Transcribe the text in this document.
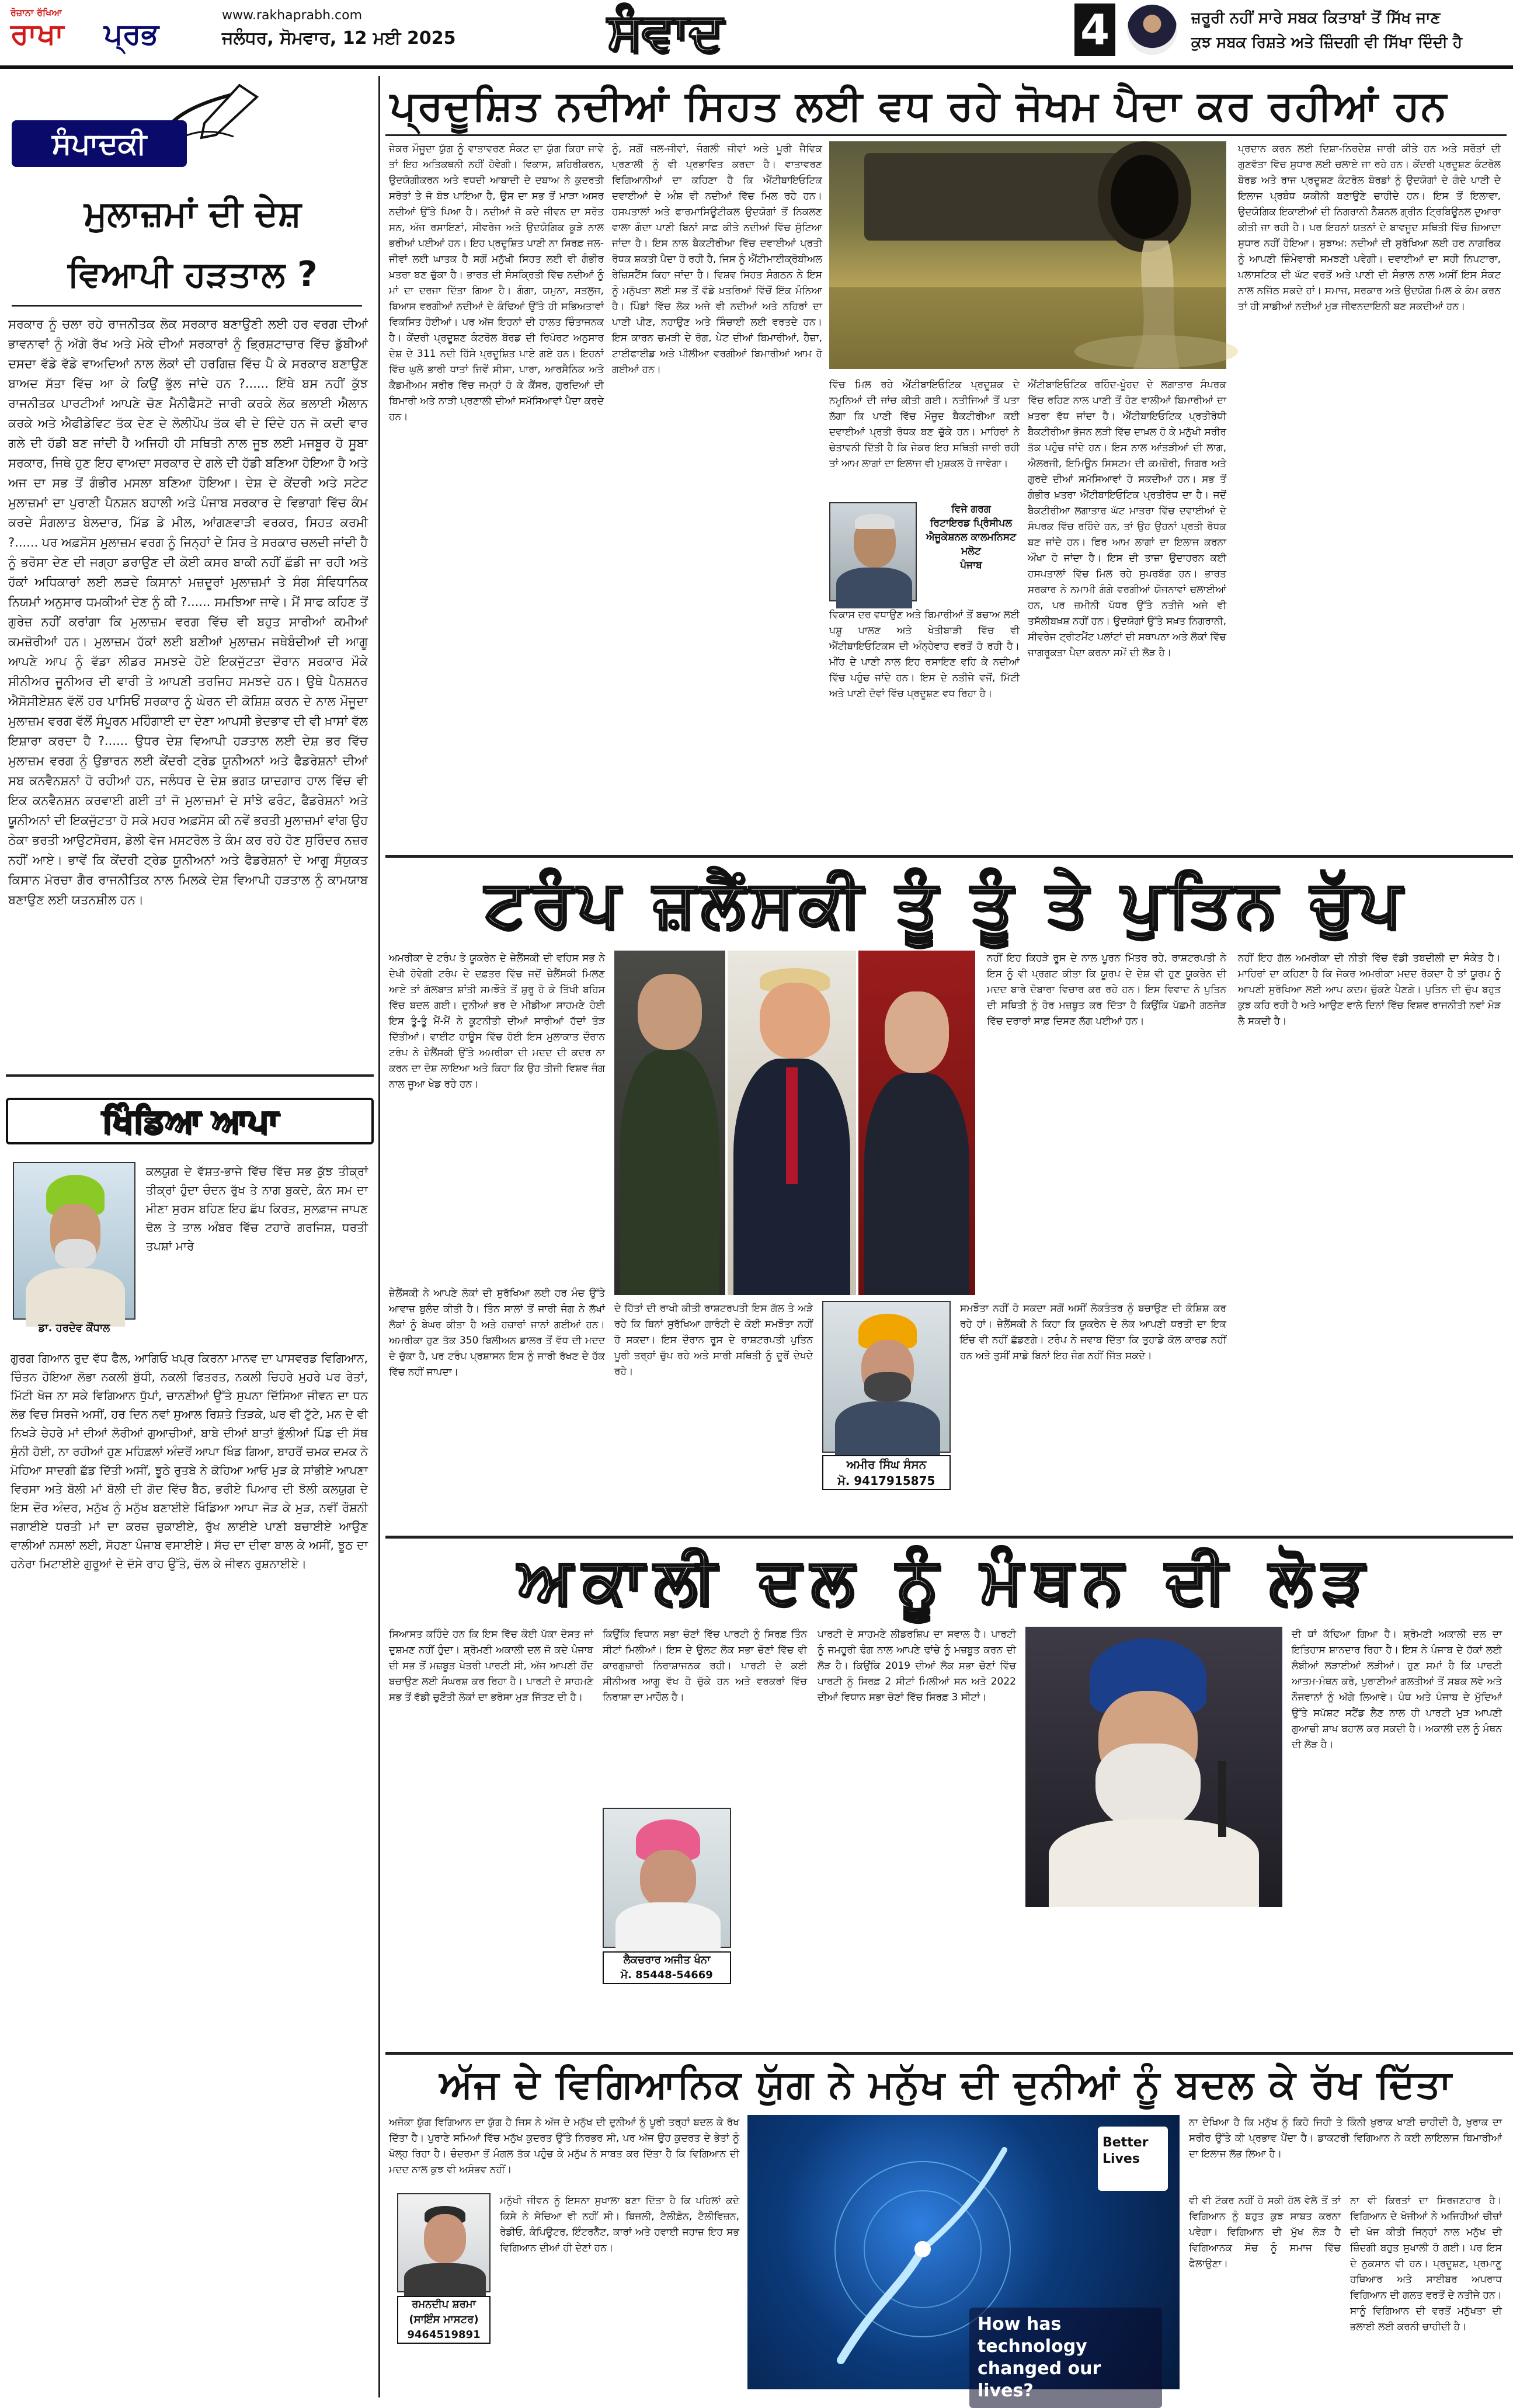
ਰੋਜ਼ਾਨਾ ਰੱਖਿਆ
ਰਾਖਾ ਪ੍ਰਭ
www.rakhaprabh.com
ਜਲੰਧਰ, ਸੋਮਵਾਰ, 12 ਮਈ 2025	ਸੰਵਾਦ	4	ਜ਼ਰੂਰੀ ਨਹੀਂ ਸਾਰੇ ਸਬਕ ਕਿਤਾਬਾਂ ਤੋਂ ਸਿੱਖ ਜਾਣ
ਕੁਝ ਸਬਕ ਰਿਸ਼ਤੇ ਅਤੇ ਜ਼ਿੰਦਗੀ ਵੀ ਸਿੱਖਾ ਦਿੰਦੀ ਹੈ
ਸੰਪਾਦਕੀ
ਮੁਲਾਜ਼ਮਾਂ ਦੀ ਦੇਸ਼
ਵਿਆਪੀ ਹੜਤਾਲ ?
ਸਰਕਾਰ ਨੂੰ ਚਲਾ ਰਹੇ ਰਾਜਨੀਤਕ ਲੋਕ ਸਰਕਾਰ ਬਣਾਉਣੀ ਲਈ ਹਰ ਵਰਗ ਦੀਆਂ ਭਾਵਨਾਵਾਂ ਨੂੰ ਅੱਗੇ ਰੱਖ ਅਤੇ ਮੋਕੇ ਦੀਆਂ ਸਰਕਾਰਾਂ ਨੂੰ ਭ੍ਰਿਸ਼ਟਾਚਾਰ ਵਿੱਚ ਡੁੱਬੀਆਂ ਦਸਦਾ ਵੱਡੇ ਵੱਡੇ ਵਾਅਦਿਆਂ ਨਾਲ ਲੋਕਾਂ ਦੀ ਹਰਗਿਜ਼ ਵਿੱਚ ਪੈ ਕੇ ਸਰਕਾਰ ਬਣਾਉਣ ਬਾਅਦ ਸੱਤਾ ਵਿੱਚ ਆ ਕੇ ਕਿਉਂ ਭੁੱਲ ਜਾਂਦੇ ਹਨ ?...... ਇੱਥੇ ਬਸ ਨਹੀਂ ਕੁੱਝ ਰਾਜਨੀਤਕ ਪਾਰਟੀਆਂ ਆਪਣੇ ਚੋਣ ਮੈਨੀਫੈਸਟੋ ਜਾਰੀ ਕਰਕੇ ਲੋਕ ਭਲਾਈ ਐਲਾਨ ਕਰਕੇ ਅਤੇ ਐਫੀਡੇਵਿਟ ਤੱਕ ਦੇਣ ਦੇ ਲੋਲੀਪੌਪ ਤੱਕ ਵੀ ਦੇ ਦਿੰਦੇ ਹਨ ਜੋ ਕਦੀ ਵਾਰ ਗਲੇ ਦੀ ਹੱਡੀ ਬਣ ਜਾਂਦੀ ਹੈ ਅਜਿਹੀ ਹੀ ਸਥਿਤੀ ਨਾਲ ਜੂਝ ਲਈ ਮਜਬੂਰ ਹੋ ਸੂਬਾ ਸਰਕਾਰ, ਜਿਥੇ ਹੁਣ ਇਹ ਵਾਅਦਾ ਸਰਕਾਰ ਦੇ ਗਲੇ ਦੀ ਹੱਡੀ ਬਣਿਆ ਹੋਇਆ ਹੈ ਅਤੇ ਅਜ ਦਾ ਸਭ ਤੋਂ ਗੰਭੀਰ ਮਸਲਾ ਬਣਿਆ ਹੋਇਆ। ਦੇਸ਼ ਦੇ ਕੇਂਦਰੀ ਅਤੇ ਸਟੇਟ ਮੁਲਾਜ਼ਮਾਂ ਦਾ ਪੁਰਾਣੀ ਪੈਨਸ਼ਨ ਬਹਾਲੀ ਅਤੇ ਪੰਜਾਬ ਸਰਕਾਰ ਦੇ ਵਿਭਾਗਾਂ ਵਿੱਚ ਕੰਮ ਕਰਦੇ ਸੰਗਲਾਤ ਬੇਲਦਾਰ, ਮਿੱਡ ਡੇ ਮੀਲ, ਆਂਗਣਵਾੜੀ ਵਰਕਰ, ਸਿਹਤ ਕਰਮੀ ?...... ਪਰ ਅਫ਼ਸੋਸ ਮੁਲਾਜ਼ਮ ਵਰਗ ਨੂੰ ਜਿਨ੍ਹਾਂ ਦੇ ਸਿਰ ਤੇ ਸਰਕਾਰ ਚਲਦੀ ਜਾਂਦੀ ਹੈ ਨੂੰ ਭਰੋਸਾ ਦੇਣ ਦੀ ਜਗ੍ਹਾ ਡਰਾਉਣ ਦੀ ਕੋਈ ਕਸਰ ਬਾਕੀ ਨਹੀਂ ਛੱਡੀ ਜਾ ਰਹੀ ਅਤੇ ਹੱਕਾਂ ਅਧਿਕਾਰਾਂ ਲਈ ਲੜਦੇ ਕਿਸਾਨਾਂ ਮਜ਼ਦੂਰਾਂ ਮੁਲਾਜ਼ਮਾਂ ਤੇ ਸੰਗ ਸੰਵਿਧਾਨਿਕ ਨਿਯਮਾਂ ਅਨੁਸਾਰ ਧਮਕੀਆਂ ਦੇਣ ਨੂੰ ਕੀ ?...... ਸਮਝਿਆ ਜਾਵੇ। ਮੈਂ ਸਾਫ ਕਹਿਣ ਤੋਂ ਗੁਰੇਜ਼ ਨਹੀਂ ਕਰਾਂਗਾ ਕਿ ਮੁਲਾਜ਼ਮ ਵਰਗ ਵਿੱਚ ਵੀ ਬਹੁਤ ਸਾਰੀਆਂ ਕਮੀਆਂ ਕਮਜ਼ੋਰੀਆਂ ਹਨ। ਮੁਲਾਜ਼ਮ ਹੱਕਾਂ ਲਈ ਬਣੀਆਂ ਮੁਲਾਜ਼ਮ ਜਥੇਬੰਦੀਆਂ ਦੀ ਆਗੂ ਆਪਣੇ ਆਪ ਨੂੰ ਵੱਡਾ ਲੀਡਰ ਸਮਝਦੇ ਹੋਏ ਇਕਜੁੱਟਤਾ ਦੌਰਾਨ ਸਰਕਾਰ ਮੌਕੇ ਸੀਨੀਅਰ ਜੂਨੀਅਰ ਦੀ ਵਾਰੀ ਤੇ ਆਪਣੀ ਤਰਜਿਹ ਸਮਝਦੇ ਹਨ। ਉਥੇ ਪੈਨਸ਼ਨਰ ਐਸੋਸੀਏਸ਼ਨ ਵੱਲੋਂ ਹਰ ਪਾਸਿਓਂ ਸਰਕਾਰ ਨੂੰ ਘੇਰਨ ਦੀ ਕੋਸ਼ਿਸ਼ ਕਰਨ ਦੇ ਨਾਲ ਮੌਜੂਦਾ ਮੁਲਾਜ਼ਮ ਵਰਗ ਵੱਲੋਂ ਸੰਪੂਰਨ ਮਹਿੰਗਾਈ ਦਾ ਦੇਣਾ ਆਪਸੀ ਭੇਦਭਾਵ ਦੀ ਵੀ ਖ਼ਾਸਾਂ ਵੱਲ ਇਸ਼ਾਰਾ ਕਰਦਾ ਹੈ ?...... ਉਧਰ ਦੇਸ਼ ਵਿਆਪੀ ਹੜਤਾਲ ਲਈ ਦੇਸ਼ ਭਰ ਵਿੱਚ ਮੁਲਾਜ਼ਮ ਵਰਗ ਨੂੰ ਉਭਾਰਨ ਲਈ ਕੇਂਦਰੀ ਟ੍ਰੇਡ ਯੂਨੀਅਨਾਂ ਅਤੇ ਫੈਡਰੇਸ਼ਨਾਂ ਦੀਆਂ ਸਬ ਕਨਵੈਨਸ਼ਨਾਂ ਹੋ ਰਹੀਆਂ ਹਨ, ਜਲੰਧਰ ਦੇ ਦੇਸ਼ ਭਗਤ ਯਾਦਗਾਰ ਹਾਲ ਵਿੱਚ ਵੀ ਇਕ ਕਨਵੈਨਸ਼ਨ ਕਰਵਾਈ ਗਈ ਤਾਂ ਜੋ ਮੁਲਾਜ਼ਮਾਂ ਦੇ ਸਾਂਝੇ ਫਰੰਟ, ਫੈਡਰੇਸ਼ਨਾਂ ਅਤੇ ਯੂਨੀਅਨਾਂ ਦੀ ਇਕਜੁੱਟਤਾ ਹੋ ਸਕੇ ਮਹਰ ਅਫ਼ਸੋਸ ਕੀ ਨਵੇਂ ਭਰਤੀ ਮੁਲਾਜ਼ਮਾਂ ਵਾਂਗ ਉਹ ਠੇਕਾ ਭਰਤੀ ਆਉਟਸੋਰਸ, ਡੇਲੀ ਵੇਜ ਮਸਟਰੋਲ ਤੇ ਕੰਮ ਕਰ ਰਹੇ ਹੋਣ ਸੁਰਿੰਦਰ ਨਜ਼ਰ ਨਹੀਂ ਆਏ। ਭਾਵੇਂ ਕਿ ਕੇਂਦਰੀ ਟ੍ਰੇਡ ਯੂਨੀਅਨਾਂ ਅਤੇ ਫੈਡਰੇਸ਼ਨਾਂ ਦੇ ਆਗੂ ਸੰਯੁਕਤ ਕਿਸਾਨ ਮੋਰਚਾ ਗੈਰ ਰਾਜਨੀਤਿਕ ਨਾਲ ਮਿਲਕੇ ਦੇਸ਼ ਵਿਆਪੀ ਹੜਤਾਲ ਨੂੰ ਕਾਮਯਾਬ ਬਣਾਉਣ ਲਈ ਯਤਨਸ਼ੀਲ ਹਨ।
ਖਿੰਡਿਆ ਆਪਾ
ਡਾ. ਹਰਦੇਵ ਕੌਂਧਾਲ
ਕਲਯੁਗ ਦੇ ਵੱਸ਼ਤ-ਭਾਜੇ ਵਿੱਚ ਵਿੱਚ ਸਭ ਕੁੱਝ ਤੀਕ੍ਰਾਂ ਤੀਕ੍ਰਾਂ ਹੁੰਦਾ ਚੰਦਨ ਰੁੱਖ ਤੇ ਨਾਗ ਬੁਕਦੇ, ਕੰਨ ਸਮ ਦਾ ਮੀਣਾ ਸੁਰਸ ਬਹਿਣ ਇਹ ਛੱਪ ਕਿਰਤ, ਸੁਲਫ਼ਾਜ ਜਾਪਣ ਢੋਲ ਤੇ ਤਾਲ ਅੰਬਰ ਵਿੱਚ ਟਹਾਰੇ ਗਰਜਿਸ਼, ਧਰਤੀ ਤਪਸ਼ਾਂ ਮਾਰੇ
ਗੁਰਗ ਗਿਆਨ ਰੁਦ ਵੱਧ ਫੈਲ, ਆਗਿਓ ਖਪ੍ਰ ਕਿਰਨਾ ਮਾਨਵ ਦਾ ਪਾਸਵਰਡ ਵਿਗਿਆਨ, ਚਿੰਤਨ ਹੋਇਆ ਲੋਭਾ ਨਕਲੀ ਬੁੱਧੀ, ਨਕਲੀ ਫਿਤਰਤ, ਨਕਲੀ ਚਿਹਰੇ ਮੁਹਰੇ ਪਰ ਰੇਤਾਂ, ਮਿੱਟੀ ਖੋਜ ਨਾ ਸਕੇ ਵਿਗਿਆਨ ਧੁੱਪਾਂ, ਚਾਨਣੀਆਂ ਉੱਤੇ ਸੁਪਨਾ ਦਿੱਸਿਆ ਜੀਵਨ ਦਾ ਧਨ ਲੋਭ ਵਿਚ ਸਿਰਜੇ ਅਸੀਂ, ਹਰ ਦਿਨ ਨਵਾਂ ਸੁਆਲ ਰਿਸ਼ਤੇ ਤਿੜਕੇ, ਘਰ ਵੀ ਟੁੱਟੇ, ਮਨ ਦੇ ਵੀ ਨਿਖੜੇ ਚੇਹਰੇ ਮਾਂ ਦੀਆਂ ਲੋਰੀਆਂ ਗੁਆਚੀਆਂ, ਬਾਬੇ ਦੀਆਂ ਬਾਤਾਂ ਭੁੱਲੀਆਂ ਪਿੰਡ ਦੀ ਸੱਥ ਸੁੰਨੀ ਹੋਈ, ਨਾ ਰਹੀਆਂ ਹੁਣ ਮਹਿਫ਼ਲਾਂ ਅੰਦਰੋਂ ਆਪਾ ਖਿੰਡ ਗਿਆ, ਬਾਹਰੋਂ ਚਮਕ ਦਮਕ ਨੇ ਮੋਹਿਆ ਸਾਦਗੀ ਛੱਡ ਦਿੱਤੀ ਅਸੀਂ, ਝੂਠੇ ਰੁਤਬੇ ਨੇ ਕੋਹਿਆ ਆਓ ਮੁੜ ਕੇ ਸਾਂਭੀਏ ਆਪਣਾ ਵਿਰਸਾ ਅਤੇ ਬੋਲੀ ਮਾਂ ਬੋਲੀ ਦੀ ਗੋਦ ਵਿੱਚ ਬੈਠ, ਭਰੀਏ ਪਿਆਰ ਦੀ ਝੋਲੀ ਕਲਯੁਗ ਦੇ ਇਸ ਦੌਰ ਅੰਦਰ, ਮਨੁੱਖ ਨੂੰ ਮਨੁੱਖ ਬਣਾਈਏ ਖਿੰਡਿਆ ਆਪਾ ਜੋੜ ਕੇ ਮੁੜ, ਨਵੀਂ ਰੌਸ਼ਨੀ ਜਗਾਈਏ ਧਰਤੀ ਮਾਂ ਦਾ ਕਰਜ਼ ਚੁਕਾਈਏ, ਰੁੱਖ ਲਾਈਏ ਪਾਣੀ ਬਚਾਈਏ ਆਉਣ ਵਾਲੀਆਂ ਨਸਲਾਂ ਲਈ, ਸੋਹਣਾ ਪੰਜਾਬ ਵਸਾਈਏ। ਸੱਚ ਦਾ ਦੀਵਾ ਬਾਲ ਕੇ ਅਸੀਂ, ਝੂਠ ਦਾ ਹਨੇਰਾ ਮਿਟਾਈਏ ਗੁਰੂਆਂ ਦੇ ਦੱਸੇ ਰਾਹ ਉੱਤੇ, ਚੱਲ ਕੇ ਜੀਵਨ ਰੁਸ਼ਨਾਈਏ।
ਪ੍ਰਦੂਸ਼ਿਤ ਨਦੀਆਂ ਸਿਹਤ ਲਈ ਵਧ ਰਹੇ ਜੋਖਮ ਪੈਦਾ ਕਰ ਰਹੀਆਂ ਹਨ
ਜੇਕਰ ਮੌਜੂਦਾ ਯੁੱਗ ਨੂੰ ਵਾਤਾਵਰਣ ਸੰਕਟ ਦਾ ਯੁੱਗ ਕਿਹਾ ਜਾਵੇ ਤਾਂ ਇਹ ਅਤਿਕਥਨੀ ਨਹੀਂ ਹੋਵੇਗੀ। ਵਿਕਾਸ, ਸ਼ਹਿਰੀਕਰਨ, ਉਦਯੋਗੀਕਰਨ ਅਤੇ ਵਧਦੀ ਆਬਾਦੀ ਦੇ ਦਬਾਅ ਨੇ ਕੁਦਰਤੀ ਸਰੋਤਾਂ ਤੇ ਜੋ ਬੋਝ ਪਾਇਆ ਹੈ, ਉਸ ਦਾ ਸਭ ਤੋਂ ਮਾੜਾ ਅਸਰ ਨਦੀਆਂ ਉੱਤੇ ਪਿਆ ਹੈ। ਨਦੀਆਂ ਜੋ ਕਦੇ ਜੀਵਨ ਦਾ ਸਰੋਤ ਸਨ, ਅੱਜ ਰਸਾਇਣਾਂ, ਸੀਵਰੇਜ ਅਤੇ ਉਦਯੋਗਿਕ ਕੂੜੇ ਨਾਲ ਭਰੀਆਂ ਪਈਆਂ ਹਨ। ਇਹ ਪ੍ਰਦੂਸ਼ਿਤ ਪਾਣੀ ਨਾ ਸਿਰਫ਼ ਜਲ-ਜੀਵਾਂ ਲਈ ਘਾਤਕ ਹੈ ਸਗੋਂ ਮਨੁੱਖੀ ਸਿਹਤ ਲਈ ਵੀ ਗੰਭੀਰ ਖ਼ਤਰਾ ਬਣ ਚੁੱਕਾ ਹੈ। ਭਾਰਤ ਦੀ ਸੰਸਕ੍ਰਿਤੀ ਵਿੱਚ ਨਦੀਆਂ ਨੂੰ ਮਾਂ ਦਾ ਦਰਜਾ ਦਿੱਤਾ ਗਿਆ ਹੈ। ਗੰਗਾ, ਯਮੁਨਾ, ਸਤਲੁਜ, ਬਿਆਸ ਵਰਗੀਆਂ ਨਦੀਆਂ ਦੇ ਕੰਢਿਆਂ ਉੱਤੇ ਹੀ ਸਭਿਅਤਾਵਾਂ ਵਿਕਸਿਤ ਹੋਈਆਂ। ਪਰ ਅੱਜ ਇਹਨਾਂ ਦੀ ਹਾਲਤ ਚਿੰਤਾਜਨਕ ਹੈ। ਕੇਂਦਰੀ ਪ੍ਰਦੂਸ਼ਣ ਕੰਟਰੋਲ ਬੋਰਡ ਦੀ ਰਿਪੋਰਟ ਅਨੁਸਾਰ ਦੇਸ਼ ਦੇ 311 ਨਦੀ ਹਿੱਸੇ ਪ੍ਰਦੂਸ਼ਿਤ ਪਾਏ ਗਏ ਹਨ। ਇਹਨਾਂ ਵਿੱਚ ਘੁਲੇ ਭਾਰੀ ਧਾਤਾਂ ਜਿਵੇਂ ਸੀਸਾ, ਪਾਰਾ, ਆਰਸੈਨਿਕ ਅਤੇ ਕੈਡਮੀਅਮ ਸਰੀਰ ਵਿੱਚ ਜਮ੍ਹਾਂ ਹੋ ਕੇ ਕੈਂਸਰ, ਗੁਰਦਿਆਂ ਦੀ ਬਿਮਾਰੀ ਅਤੇ ਨਾੜੀ ਪ੍ਰਣਾਲੀ ਦੀਆਂ ਸਮੱਸਿਆਵਾਂ ਪੈਦਾ ਕਰਦੇ ਹਨ।
ਨੂੰ, ਸਗੋਂ ਜਲ-ਜੀਵਾਂ, ਜੰਗਲੀ ਜੀਵਾਂ ਅਤੇ ਪੂਰੀ ਜੈਵਿਕ ਪ੍ਰਣਾਲੀ ਨੂੰ ਵੀ ਪ੍ਰਭਾਵਿਤ ਕਰਦਾ ਹੈ। ਵਾਤਾਵਰਣ ਵਿਗਿਆਨੀਆਂ ਦਾ ਕਹਿਣਾ ਹੈ ਕਿ ਐਂਟੀਬਾਇਓਟਿਕ ਦਵਾਈਆਂ ਦੇ ਅੰਸ਼ ਵੀ ਨਦੀਆਂ ਵਿੱਚ ਮਿਲ ਰਹੇ ਹਨ। ਹਸਪਤਾਲਾਂ ਅਤੇ ਫਾਰਮਾਸਿਊਟੀਕਲ ਉਦਯੋਗਾਂ ਤੋਂ ਨਿਕਲਣ ਵਾਲਾ ਗੰਦਾ ਪਾਣੀ ਬਿਨਾਂ ਸਾਫ਼ ਕੀਤੇ ਨਦੀਆਂ ਵਿੱਚ ਸੁੱਟਿਆ ਜਾਂਦਾ ਹੈ। ਇਸ ਨਾਲ ਬੈਕਟੀਰੀਆ ਵਿੱਚ ਦਵਾਈਆਂ ਪ੍ਰਤੀ ਰੋਧਕ ਸ਼ਕਤੀ ਪੈਦਾ ਹੋ ਰਹੀ ਹੈ, ਜਿਸ ਨੂੰ ਐਂਟੀਮਾਈਕ੍ਰੋਬੀਅਲ ਰੇਜ਼ਿਸਟੈਂਸ ਕਿਹਾ ਜਾਂਦਾ ਹੈ। ਵਿਸ਼ਵ ਸਿਹਤ ਸੰਗਠਨ ਨੇ ਇਸ ਨੂੰ ਮਨੁੱਖਤਾ ਲਈ ਸਭ ਤੋਂ ਵੱਡੇ ਖ਼ਤਰਿਆਂ ਵਿੱਚੋਂ ਇੱਕ ਮੰਨਿਆ ਹੈ। ਪਿੰਡਾਂ ਵਿੱਚ ਲੋਕ ਅਜੇ ਵੀ ਨਦੀਆਂ ਅਤੇ ਨਹਿਰਾਂ ਦਾ ਪਾਣੀ ਪੀਣ, ਨਹਾਉਣ ਅਤੇ ਸਿੰਚਾਈ ਲਈ ਵਰਤਦੇ ਹਨ। ਇਸ ਕਾਰਨ ਚਮੜੀ ਦੇ ਰੋਗ, ਪੇਟ ਦੀਆਂ ਬਿਮਾਰੀਆਂ, ਹੈਜ਼ਾ, ਟਾਈਫਾਈਡ ਅਤੇ ਪੀਲੀਆ ਵਰਗੀਆਂ ਬਿਮਾਰੀਆਂ ਆਮ ਹੋ ਗਈਆਂ ਹਨ।
ਵਿੱਚ ਮਿਲ ਰਹੇ ਐਂਟੀਬਾਇਓਟਿਕ ਪ੍ਰਦੂਸ਼ਕ ਦੇ ਨਮੂਨਿਆਂ ਦੀ ਜਾਂਚ ਕੀਤੀ ਗਈ। ਨਤੀਜਿਆਂ ਤੋਂ ਪਤਾ ਲੱਗਾ ਕਿ ਪਾਣੀ ਵਿੱਚ ਮੌਜੂਦ ਬੈਕਟੀਰੀਆ ਕਈ ਦਵਾਈਆਂ ਪ੍ਰਤੀ ਰੋਧਕ ਬਣ ਚੁੱਕੇ ਹਨ। ਮਾਹਿਰਾਂ ਨੇ ਚੇਤਾਵਨੀ ਦਿੱਤੀ ਹੈ ਕਿ ਜੇਕਰ ਇਹ ਸਥਿਤੀ ਜਾਰੀ ਰਹੀ ਤਾਂ ਆਮ ਲਾਗਾਂ ਦਾ ਇਲਾਜ ਵੀ ਮੁਸ਼ਕਲ ਹੋ ਜਾਵੇਗਾ।
ਵਿਜੇ ਗਰਗ
ਰਿਟਾਇਰਡ ਪ੍ਰਿੰਸੀਪਲ
ਐਜੂਕੇਸ਼ਨਲ ਕਾਲਮਨਿਸਟ ਮਲੋਟ
ਪੰਜਾਬ
ਵਿਕਾਸ ਦਰ ਵਧਾਉਣ ਅਤੇ ਬਿਮਾਰੀਆਂ ਤੋਂ ਬਚਾਅ ਲਈ ਪਸ਼ੂ ਪਾਲਣ ਅਤੇ ਖੇਤੀਬਾੜੀ ਵਿੱਚ ਵੀ ਐਂਟੀਬਾਇਓਟਿਕਸ ਦੀ ਅੰਨ੍ਹੇਵਾਹ ਵਰਤੋਂ ਹੋ ਰਹੀ ਹੈ। ਮੀਂਹ ਦੇ ਪਾਣੀ ਨਾਲ ਇਹ ਰਸਾਇਣ ਵਹਿ ਕੇ ਨਦੀਆਂ ਵਿੱਚ ਪਹੁੰਚ ਜਾਂਦੇ ਹਨ। ਇਸ ਦੇ ਨਤੀਜੇ ਵਜੋਂ, ਮਿੱਟੀ ਅਤੇ ਪਾਣੀ ਦੋਵਾਂ ਵਿੱਚ ਪ੍ਰਦੂਸ਼ਣ ਵਧ ਰਿਹਾ ਹੈ।
ਐਂਟੀਬਾਇਓਟਿਕ ਰਹਿੰਦ-ਖੂੰਹਦ ਦੇ ਲਗਾਤਾਰ ਸੰਪਰਕ ਵਿੱਚ ਰਹਿਣ ਨਾਲ ਪਾਣੀ ਤੋਂ ਹੋਣ ਵਾਲੀਆਂ ਬਿਮਾਰੀਆਂ ਦਾ ਖ਼ਤਰਾ ਵੱਧ ਜਾਂਦਾ ਹੈ। ਐਂਟੀਬਾਇਓਟਿਕ ਪ੍ਰਤੀਰੋਧੀ ਬੈਕਟੀਰੀਆ ਭੋਜਨ ਲੜੀ ਵਿੱਚ ਦਾਖ਼ਲ ਹੋ ਕੇ ਮਨੁੱਖੀ ਸਰੀਰ ਤੱਕ ਪਹੁੰਚ ਜਾਂਦੇ ਹਨ। ਇਸ ਨਾਲ ਆਂਤੜੀਆਂ ਦੀ ਲਾਗ, ਐਲਰਜੀ, ਇਮਿਊਨ ਸਿਸਟਮ ਦੀ ਕਮਜ਼ੋਰੀ, ਜਿਗਰ ਅਤੇ ਗੁਰਦੇ ਦੀਆਂ ਸਮੱਸਿਆਵਾਂ ਹੋ ਸਕਦੀਆਂ ਹਨ। ਸਭ ਤੋਂ ਗੰਭੀਰ ਖ਼ਤਰਾ ਐਂਟੀਬਾਇਓਟਿਕ ਪ੍ਰਤੀਰੋਧ ਦਾ ਹੈ। ਜਦੋਂ ਬੈਕਟੀਰੀਆ ਲਗਾਤਾਰ ਘੱਟ ਮਾਤਰਾ ਵਿੱਚ ਦਵਾਈਆਂ ਦੇ ਸੰਪਰਕ ਵਿੱਚ ਰਹਿੰਦੇ ਹਨ, ਤਾਂ ਉਹ ਉਹਨਾਂ ਪ੍ਰਤੀ ਰੋਧਕ ਬਣ ਜਾਂਦੇ ਹਨ। ਫਿਰ ਆਮ ਲਾਗਾਂ ਦਾ ਇਲਾਜ ਕਰਨਾ ਔਖਾ ਹੋ ਜਾਂਦਾ ਹੈ। ਇਸ ਦੀ ਤਾਜ਼ਾ ਉਦਾਹਰਨ ਕਈ ਹਸਪਤਾਲਾਂ ਵਿੱਚ ਮਿਲ ਰਹੇ ਸੁਪਰਬੱਗ ਹਨ। ਭਾਰਤ ਸਰਕਾਰ ਨੇ ਨਮਾਮੀ ਗੰਗੇ ਵਰਗੀਆਂ ਯੋਜਨਾਵਾਂ ਚਲਾਈਆਂ ਹਨ, ਪਰ ਜ਼ਮੀਨੀ ਪੱਧਰ ਉੱਤੇ ਨਤੀਜੇ ਅਜੇ ਵੀ ਤਸੱਲੀਬਖ਼ਸ਼ ਨਹੀਂ ਹਨ। ਉਦਯੋਗਾਂ ਉੱਤੇ ਸਖ਼ਤ ਨਿਗਰਾਨੀ, ਸੀਵਰੇਜ ਟ੍ਰੀਟਮੈਂਟ ਪਲਾਂਟਾਂ ਦੀ ਸਥਾਪਨਾ ਅਤੇ ਲੋਕਾਂ ਵਿੱਚ ਜਾਗਰੂਕਤਾ ਪੈਦਾ ਕਰਨਾ ਸਮੇਂ ਦੀ ਲੋੜ ਹੈ।
ਪ੍ਰਦਾਨ ਕਰਨ ਲਈ ਦਿਸ਼ਾ-ਨਿਰਦੇਸ਼ ਜਾਰੀ ਕੀਤੇ ਹਨ ਅਤੇ ਸਰੋਤਾਂ ਦੀ ਗੁਣਵੱਤਾ ਵਿੱਚ ਸੁਧਾਰ ਲਈ ਚਲਾਏ ਜਾ ਰਹੇ ਹਨ। ਕੇਂਦਰੀ ਪ੍ਰਦੂਸ਼ਣ ਕੰਟਰੋਲ ਬੋਰਡ ਅਤੇ ਰਾਜ ਪ੍ਰਦੂਸ਼ਣ ਕੰਟਰੋਲ ਬੋਰਡਾਂ ਨੂੰ ਉਦਯੋਗਾਂ ਦੇ ਗੰਦੇ ਪਾਣੀ ਦੇ ਇਲਾਜ ਪ੍ਰਬੰਧ ਯਕੀਨੀ ਬਣਾਉਣੇ ਚਾਹੀਦੇ ਹਨ। ਇਸ ਤੋਂ ਇਲਾਵਾ, ਉਦਯੋਗਿਕ ਇਕਾਈਆਂ ਦੀ ਨਿਗਰਾਨੀ ਨੈਸ਼ਨਲ ਗ੍ਰੀਨ ਟ੍ਰਿਬਿਊਨਲ ਦੁਆਰਾ ਕੀਤੀ ਜਾ ਰਹੀ ਹੈ। ਪਰ ਇਹਨਾਂ ਯਤਨਾਂ ਦੇ ਬਾਵਜੂਦ ਸਥਿਤੀ ਵਿੱਚ ਜ਼ਿਆਦਾ ਸੁਧਾਰ ਨਹੀਂ ਹੋਇਆ। ਸੁਝਾਅ: ਨਦੀਆਂ ਦੀ ਸੁਰੱਖਿਆ ਲਈ ਹਰ ਨਾਗਰਿਕ ਨੂੰ ਆਪਣੀ ਜ਼ਿੰਮੇਵਾਰੀ ਸਮਝਣੀ ਪਵੇਗੀ। ਦਵਾਈਆਂ ਦਾ ਸਹੀ ਨਿਪਟਾਰਾ, ਪਲਾਸਟਿਕ ਦੀ ਘੱਟ ਵਰਤੋਂ ਅਤੇ ਪਾਣੀ ਦੀ ਸੰਭਾਲ ਨਾਲ ਅਸੀਂ ਇਸ ਸੰਕਟ ਨਾਲ ਨਜਿੱਠ ਸਕਦੇ ਹਾਂ। ਸਮਾਜ, ਸਰਕਾਰ ਅਤੇ ਉਦਯੋਗ ਮਿਲ ਕੇ ਕੰਮ ਕਰਨ ਤਾਂ ਹੀ ਸਾਡੀਆਂ ਨਦੀਆਂ ਮੁੜ ਜੀਵਨਦਾਇਨੀ ਬਣ ਸਕਦੀਆਂ ਹਨ।
ਟਰੰਪ ਜ਼ਲੈਂਸਕੀ ਤੂੰ ਤੂੰ ਤੇ ਪੁਤਿਨ ਚੁੱਪ
ਅਮਰੀਕਾ ਦੇ ਟਰੰਪ ਤੇ ਯੂਕਰੇਨ ਦੇ ਜ਼ੇਲੈਂਸਕੀ ਦੀ ਵਹਿਸ ਸਭ ਨੇ ਦੇਖੀ ਹੋਵੇਗੀ ਟਰੰਪ ਦੇ ਦਫ਼ਤਰ ਵਿੱਚ ਜਦੋਂ ਜ਼ੇਲੈਂਸਕੀ ਮਿਲਣ ਆਏ ਤਾਂ ਗੱਲਬਾਤ ਸ਼ਾਂਤੀ ਸਮਝੌਤੇ ਤੋਂ ਸ਼ੁਰੂ ਹੋ ਕੇ ਤਿੱਖੀ ਬਹਿਸ ਵਿੱਚ ਬਦਲ ਗਈ। ਦੁਨੀਆਂ ਭਰ ਦੇ ਮੀਡੀਆ ਸਾਹਮਣੇ ਹੋਈ ਇਸ ਤੂੰ-ਤੂੰ ਮੈਂ-ਮੈਂ ਨੇ ਕੂਟਨੀਤੀ ਦੀਆਂ ਸਾਰੀਆਂ ਹੱਦਾਂ ਤੋੜ ਦਿੱਤੀਆਂ। ਵਾਈਟ ਹਾਊਸ ਵਿੱਚ ਹੋਈ ਇਸ ਮੁਲਾਕਾਤ ਦੌਰਾਨ ਟਰੰਪ ਨੇ ਜ਼ੇਲੈਂਸਕੀ ਉੱਤੇ ਅਮਰੀਕਾ ਦੀ ਮਦਦ ਦੀ ਕਦਰ ਨਾ ਕਰਨ ਦਾ ਦੋਸ਼ ਲਾਇਆ ਅਤੇ ਕਿਹਾ ਕਿ ਉਹ ਤੀਜੀ ਵਿਸ਼ਵ ਜੰਗ ਨਾਲ ਜੂਆ ਖੇਡ ਰਹੇ ਹਨ।
ਦੇ ਹਿੱਤਾਂ ਦੀ ਰਾਖੀ ਕੀਤੀ ਰਾਸ਼ਟਰਪਤੀ ਇਸ ਗੱਲ ਤੇ ਅੜੇ ਰਹੇ ਕਿ ਬਿਨਾਂ ਸੁਰੱਖਿਆ ਗਾਰੰਟੀ ਦੇ ਕੋਈ ਸਮਝੌਤਾ ਨਹੀਂ ਹੋ ਸਕਦਾ। ਇਸ ਦੌਰਾਨ ਰੂਸ ਦੇ ਰਾਸ਼ਟਰਪਤੀ ਪੁਤਿਨ ਪੂਰੀ ਤਰ੍ਹਾਂ ਚੁੱਪ ਰਹੇ ਅਤੇ ਸਾਰੀ ਸਥਿਤੀ ਨੂੰ ਦੂਰੋਂ ਦੇਖਦੇ ਰਹੇ।
ਨਹੀਂ ਇਹ ਕਿਹੜੇ ਰੂਸ ਦੇ ਨਾਲ ਪੂਰਨ ਮਿੱਤਰ ਰਹੇ, ਰਾਸ਼ਟਰਪਤੀ ਨੇ ਇਸ ਨੂੰ ਵੀ ਪ੍ਰਗਟ ਕੀਤਾ ਕਿ ਯੂਰਪ ਦੇ ਦੇਸ਼ ਵੀ ਹੁਣ ਯੂਕਰੇਨ ਦੀ ਮਦਦ ਬਾਰੇ ਦੋਬਾਰਾ ਵਿਚਾਰ ਕਰ ਰਹੇ ਹਨ। ਇਸ ਵਿਵਾਦ ਨੇ ਪੁਤਿਨ ਦੀ ਸਥਿਤੀ ਨੂੰ ਹੋਰ ਮਜ਼ਬੂਤ ਕਰ ਦਿੱਤਾ ਹੈ ਕਿਉਂਕਿ ਪੱਛਮੀ ਗਠਜੋੜ ਵਿੱਚ ਦਰਾਰਾਂ ਸਾਫ਼ ਦਿਸਣ ਲੱਗ ਪਈਆਂ ਹਨ।
ਜ਼ੇਲੈਂਸਕੀ ਨੇ ਆਪਣੇ ਲੋਕਾਂ ਦੀ ਸੁਰੱਖਿਆ ਲਈ ਹਰ ਮੰਚ ਉੱਤੇ ਆਵਾਜ਼ ਬੁਲੰਦ ਕੀਤੀ ਹੈ। ਤਿੰਨ ਸਾਲਾਂ ਤੋਂ ਜਾਰੀ ਜੰਗ ਨੇ ਲੱਖਾਂ ਲੋਕਾਂ ਨੂੰ ਬੇਘਰ ਕੀਤਾ ਹੈ ਅਤੇ ਹਜ਼ਾਰਾਂ ਜਾਨਾਂ ਗਈਆਂ ਹਨ। ਅਮਰੀਕਾ ਹੁਣ ਤੱਕ 350 ਬਿਲੀਅਨ ਡਾਲਰ ਤੋਂ ਵੱਧ ਦੀ ਮਦਦ ਦੇ ਚੁੱਕਾ ਹੈ, ਪਰ ਟਰੰਪ ਪ੍ਰਸ਼ਾਸਨ ਇਸ ਨੂੰ ਜਾਰੀ ਰੱਖਣ ਦੇ ਹੱਕ ਵਿੱਚ ਨਹੀਂ ਜਾਪਦਾ।
ਅਮੀਰ ਸਿੰਘ ਸੰਸਨ
ਮੋ. 9417915875
ਸਮਝੌਤਾ ਨਹੀਂ ਹੋ ਸਕਦਾ ਸਗੋਂ ਅਸੀਂ ਲੋਕਤੰਤਰ ਨੂੰ ਬਚਾਉਣ ਦੀ ਕੋਸ਼ਿਸ਼ ਕਰ ਰਹੇ ਹਾਂ। ਜ਼ੇਲੈਂਸਕੀ ਨੇ ਕਿਹਾ ਕਿ ਯੂਕਰੇਨ ਦੇ ਲੋਕ ਆਪਣੀ ਧਰਤੀ ਦਾ ਇਕ ਇੰਚ ਵੀ ਨਹੀਂ ਛੱਡਣਗੇ। ਟਰੰਪ ਨੇ ਜਵਾਬ ਦਿੱਤਾ ਕਿ ਤੁਹਾਡੇ ਕੋਲ ਕਾਰਡ ਨਹੀਂ ਹਨ ਅਤੇ ਤੁਸੀਂ ਸਾਡੇ ਬਿਨਾਂ ਇਹ ਜੰਗ ਨਹੀਂ ਜਿੱਤ ਸਕਦੇ।
ਨਹੀਂ ਇਹ ਗੱਲ ਅਮਰੀਕਾ ਦੀ ਨੀਤੀ ਵਿੱਚ ਵੱਡੀ ਤਬਦੀਲੀ ਦਾ ਸੰਕੇਤ ਹੈ। ਮਾਹਿਰਾਂ ਦਾ ਕਹਿਣਾ ਹੈ ਕਿ ਜੇਕਰ ਅਮਰੀਕਾ ਮਦਦ ਰੋਕਦਾ ਹੈ ਤਾਂ ਯੂਰਪ ਨੂੰ ਆਪਣੀ ਸੁਰੱਖਿਆ ਲਈ ਆਪ ਕਦਮ ਚੁੱਕਣੇ ਪੈਣਗੇ। ਪੁਤਿਨ ਦੀ ਚੁੱਪ ਬਹੁਤ ਕੁਝ ਕਹਿ ਰਹੀ ਹੈ ਅਤੇ ਆਉਣ ਵਾਲੇ ਦਿਨਾਂ ਵਿੱਚ ਵਿਸ਼ਵ ਰਾਜਨੀਤੀ ਨਵਾਂ ਮੋੜ ਲੈ ਸਕਦੀ ਹੈ।
ਅਕਾਲੀ ਦਲ ਨੂੰ ਮੰਥਨ ਦੀ ਲੋੜ
ਸਿਆਸਤ ਕਹਿੰਦੇ ਹਨ ਕਿ ਇਸ ਵਿੱਚ ਕੋਈ ਪੱਕਾ ਦੋਸਤ ਜਾਂ ਦੁਸ਼ਮਣ ਨਹੀਂ ਹੁੰਦਾ। ਸ਼੍ਰੋਮਣੀ ਅਕਾਲੀ ਦਲ ਜੋ ਕਦੇ ਪੰਜਾਬ ਦੀ ਸਭ ਤੋਂ ਮਜ਼ਬੂਤ ਖੇਤਰੀ ਪਾਰਟੀ ਸੀ, ਅੱਜ ਆਪਣੀ ਹੋਂਦ ਬਚਾਉਣ ਲਈ ਸੰਘਰਸ਼ ਕਰ ਰਿਹਾ ਹੈ। ਪਾਰਟੀ ਦੇ ਸਾਹਮਣੇ ਸਭ ਤੋਂ ਵੱਡੀ ਚੁਣੌਤੀ ਲੋਕਾਂ ਦਾ ਭਰੋਸਾ ਮੁੜ ਜਿੱਤਣ ਦੀ ਹੈ।
ਕਿਉਂਕਿ ਵਿਧਾਨ ਸਭਾ ਚੋਣਾਂ ਵਿੱਚ ਪਾਰਟੀ ਨੂੰ ਸਿਰਫ਼ ਤਿੰਨ ਸੀਟਾਂ ਮਿਲੀਆਂ। ਇਸ ਦੇ ਉਲਟ ਲੋਕ ਸਭਾ ਚੋਣਾਂ ਵਿੱਚ ਵੀ ਕਾਰਗੁਜ਼ਾਰੀ ਨਿਰਾਸ਼ਾਜਨਕ ਰਹੀ। ਪਾਰਟੀ ਦੇ ਕਈ ਸੀਨੀਅਰ ਆਗੂ ਵੱਖ ਹੋ ਚੁੱਕੇ ਹਨ ਅਤੇ ਵਰਕਰਾਂ ਵਿੱਚ ਨਿਰਾਸ਼ਾ ਦਾ ਮਾਹੌਲ ਹੈ।
ਲੈਕਚਰਾਰ ਅਜੀਤ ਖੰਨਾ
ਮੋ. 85448-54669
ਪਾਰਟੀ ਦੇ ਸਾਹਮਣੇ ਲੀਡਰਸ਼ਿਪ ਦਾ ਸਵਾਲ ਹੈ। ਪਾਰਟੀ ਨੂੰ ਜਮਹੂਰੀ ਢੰਗ ਨਾਲ ਆਪਣੇ ਢਾਂਚੇ ਨੂੰ ਮਜ਼ਬੂਤ ਕਰਨ ਦੀ ਲੋੜ ਹੈ। ਕਿਉਂਕਿ 2019 ਦੀਆਂ ਲੋਕ ਸਭਾ ਚੋਣਾਂ ਵਿੱਚ ਪਾਰਟੀ ਨੂੰ ਸਿਰਫ਼ 2 ਸੀਟਾਂ ਮਿਲੀਆਂ ਸਨ ਅਤੇ 2022 ਦੀਆਂ ਵਿਧਾਨ ਸਭਾ ਚੋਣਾਂ ਵਿੱਚ ਸਿਰਫ਼ 3 ਸੀਟਾਂ।
ਦੀ ਥਾਂ ਕੱਢਿਆ ਗਿਆ ਹੈ। ਸ਼੍ਰੋਮਣੀ ਅਕਾਲੀ ਦਲ ਦਾ ਇਤਿਹਾਸ ਸ਼ਾਨਦਾਰ ਰਿਹਾ ਹੈ। ਇਸ ਨੇ ਪੰਜਾਬ ਦੇ ਹੱਕਾਂ ਲਈ ਲੰਬੀਆਂ ਲੜਾਈਆਂ ਲੜੀਆਂ। ਹੁਣ ਸਮਾਂ ਹੈ ਕਿ ਪਾਰਟੀ ਆਤਮ-ਮੰਥਨ ਕਰੇ, ਪੁਰਾਣੀਆਂ ਗਲਤੀਆਂ ਤੋਂ ਸਬਕ ਲਵੇ ਅਤੇ ਨੌਜਵਾਨਾਂ ਨੂੰ ਅੱਗੇ ਲਿਆਵੇ। ਪੰਥ ਅਤੇ ਪੰਜਾਬ ਦੇ ਮੁੱਦਿਆਂ ਉੱਤੇ ਸਪੱਸ਼ਟ ਸਟੈਂਡ ਲੈਣ ਨਾਲ ਹੀ ਪਾਰਟੀ ਮੁੜ ਆਪਣੀ ਗੁਆਚੀ ਸ਼ਾਖ ਬਹਾਲ ਕਰ ਸਕਦੀ ਹੈ। ਅਕਾਲੀ ਦਲ ਨੂੰ ਮੰਥਨ ਦੀ ਲੋੜ ਹੈ।
ਅੱਜ ਦੇ ਵਿਗਿਆਨਿਕ ਯੁੱਗ ਨੇ ਮਨੁੱਖ ਦੀ ਦੁਨੀਆਂ ਨੂੰ ਬਦਲ ਕੇ ਰੱਖ ਦਿੱਤਾ
ਅਜੋਕਾ ਯੁੱਗ ਵਿਗਿਆਨ ਦਾ ਯੁੱਗ ਹੈ ਜਿਸ ਨੇ ਅੱਜ ਦੇ ਮਨੁੱਖ ਦੀ ਦੁਨੀਆਂ ਨੂੰ ਪੂਰੀ ਤਰ੍ਹਾਂ ਬਦਲ ਕੇ ਰੱਖ ਦਿੱਤਾ ਹੈ। ਪੁਰਾਣੇ ਸਮਿਆਂ ਵਿੱਚ ਮਨੁੱਖ ਕੁਦਰਤ ਉੱਤੇ ਨਿਰਭਰ ਸੀ, ਪਰ ਅੱਜ ਉਹ ਕੁਦਰਤ ਦੇ ਭੇਤਾਂ ਨੂੰ ਖੋਲ੍ਹ ਰਿਹਾ ਹੈ। ਚੰਦਰਮਾ ਤੋਂ ਮੰਗਲ ਤੱਕ ਪਹੁੰਚ ਕੇ ਮਨੁੱਖ ਨੇ ਸਾਬਤ ਕਰ ਦਿੱਤਾ ਹੈ ਕਿ ਵਿਗਿਆਨ ਦੀ ਮਦਦ ਨਾਲ ਕੁਝ ਵੀ ਅਸੰਭਵ ਨਹੀਂ।
ਰਮਨਦੀਪ ਸ਼ਰਮਾ
(ਸਾਇੰਸ ਮਾਸਟਰ)
9464519891
ਮਨੁੱਖੀ ਜੀਵਨ ਨੂੰ ਇਸਨਾ ਸੁਖਾਲਾ ਬਣਾ ਦਿੱਤਾ ਹੈ ਕਿ ਪਹਿਲਾਂ ਕਦੇ ਕਿਸੇ ਨੇ ਸੋਚਿਆ ਵੀ ਨਹੀਂ ਸੀ। ਬਿਜਲੀ, ਟੈਲੀਫ਼ੋਨ, ਟੈਲੀਵਿਜ਼ਨ, ਰੇਡੀਓ, ਕੰਪਿਊਟਰ, ਇੰਟਰਨੈੱਟ, ਕਾਰਾਂ ਅਤੇ ਹਵਾਈ ਜਹਾਜ਼ ਇਹ ਸਭ ਵਿਗਿਆਨ ਦੀਆਂ ਹੀ ਦੇਣਾਂ ਹਨ।
Better Lives
How has technology changed our lives?
ਨਾ ਦੇਖਿਆ ਹੈ ਕਿ ਮਨੁੱਖ ਨੂੰ ਕਿਹੋ ਜਿਹੀ ਤੇ ਕਿੰਨੀ ਖ਼ੁਰਾਕ ਖਾਣੀ ਚਾਹੀਦੀ ਹੈ, ਖ਼ੁਰਾਕ ਦਾ ਸਰੀਰ ਉੱਤੇ ਕੀ ਪ੍ਰਭਾਵ ਪੈਂਦਾ ਹੈ। ਡਾਕਟਰੀ ਵਿਗਿਆਨ ਨੇ ਕਈ ਲਾਇਲਾਜ ਬਿਮਾਰੀਆਂ ਦਾ ਇਲਾਜ ਲੱਭ ਲਿਆ ਹੈ।
ਵੀ ਵੀ ਟੱਕਰ ਨਹੀਂ ਹੋ ਸਕੀ ਹੱਲ ਵੇਲੇ ਤੋਂ ਤਾਂ ਵਿਗਿਆਨ ਨੂੰ ਬਹੁਤ ਕੁਝ ਸਾਬਤ ਕਰਨਾ ਪਵੇਗਾ। ਵਿਗਿਆਨ ਦੀ ਮੁੱਖ ਲੋੜ ਹੈ ਵਿਗਿਆਨਕ ਸੋਚ ਨੂੰ ਸਮਾਜ ਵਿੱਚ ਫੈਲਾਉਣਾ।
ਨਾ ਵੀ ਕਿਰਤਾਂ ਦਾ ਸਿਰਜਣਹਾਰ ਹੈ। ਵਿਗਿਆਨ ਦੇ ਖੋਜੀਆਂ ਨੇ ਅਜਿਹੀਆਂ ਚੀਜ਼ਾਂ ਦੀ ਖੋਜ ਕੀਤੀ ਜਿਨ੍ਹਾਂ ਨਾਲ ਮਨੁੱਖ ਦੀ ਜ਼ਿੰਦਗੀ ਬਹੁਤ ਸੁਖਾਲੀ ਹੋ ਗਈ। ਪਰ ਇਸ ਦੇ ਨੁਕਸਾਨ ਵੀ ਹਨ। ਪ੍ਰਦੂਸ਼ਣ, ਪ੍ਰਮਾਣੂ ਹਥਿਆਰ ਅਤੇ ਸਾਈਬਰ ਅਪਰਾਧ ਵਿਗਿਆਨ ਦੀ ਗਲਤ ਵਰਤੋਂ ਦੇ ਨਤੀਜੇ ਹਨ। ਸਾਨੂੰ ਵਿਗਿਆਨ ਦੀ ਵਰਤੋਂ ਮਨੁੱਖਤਾ ਦੀ ਭਲਾਈ ਲਈ ਕਰਨੀ ਚਾਹੀਦੀ ਹੈ।
